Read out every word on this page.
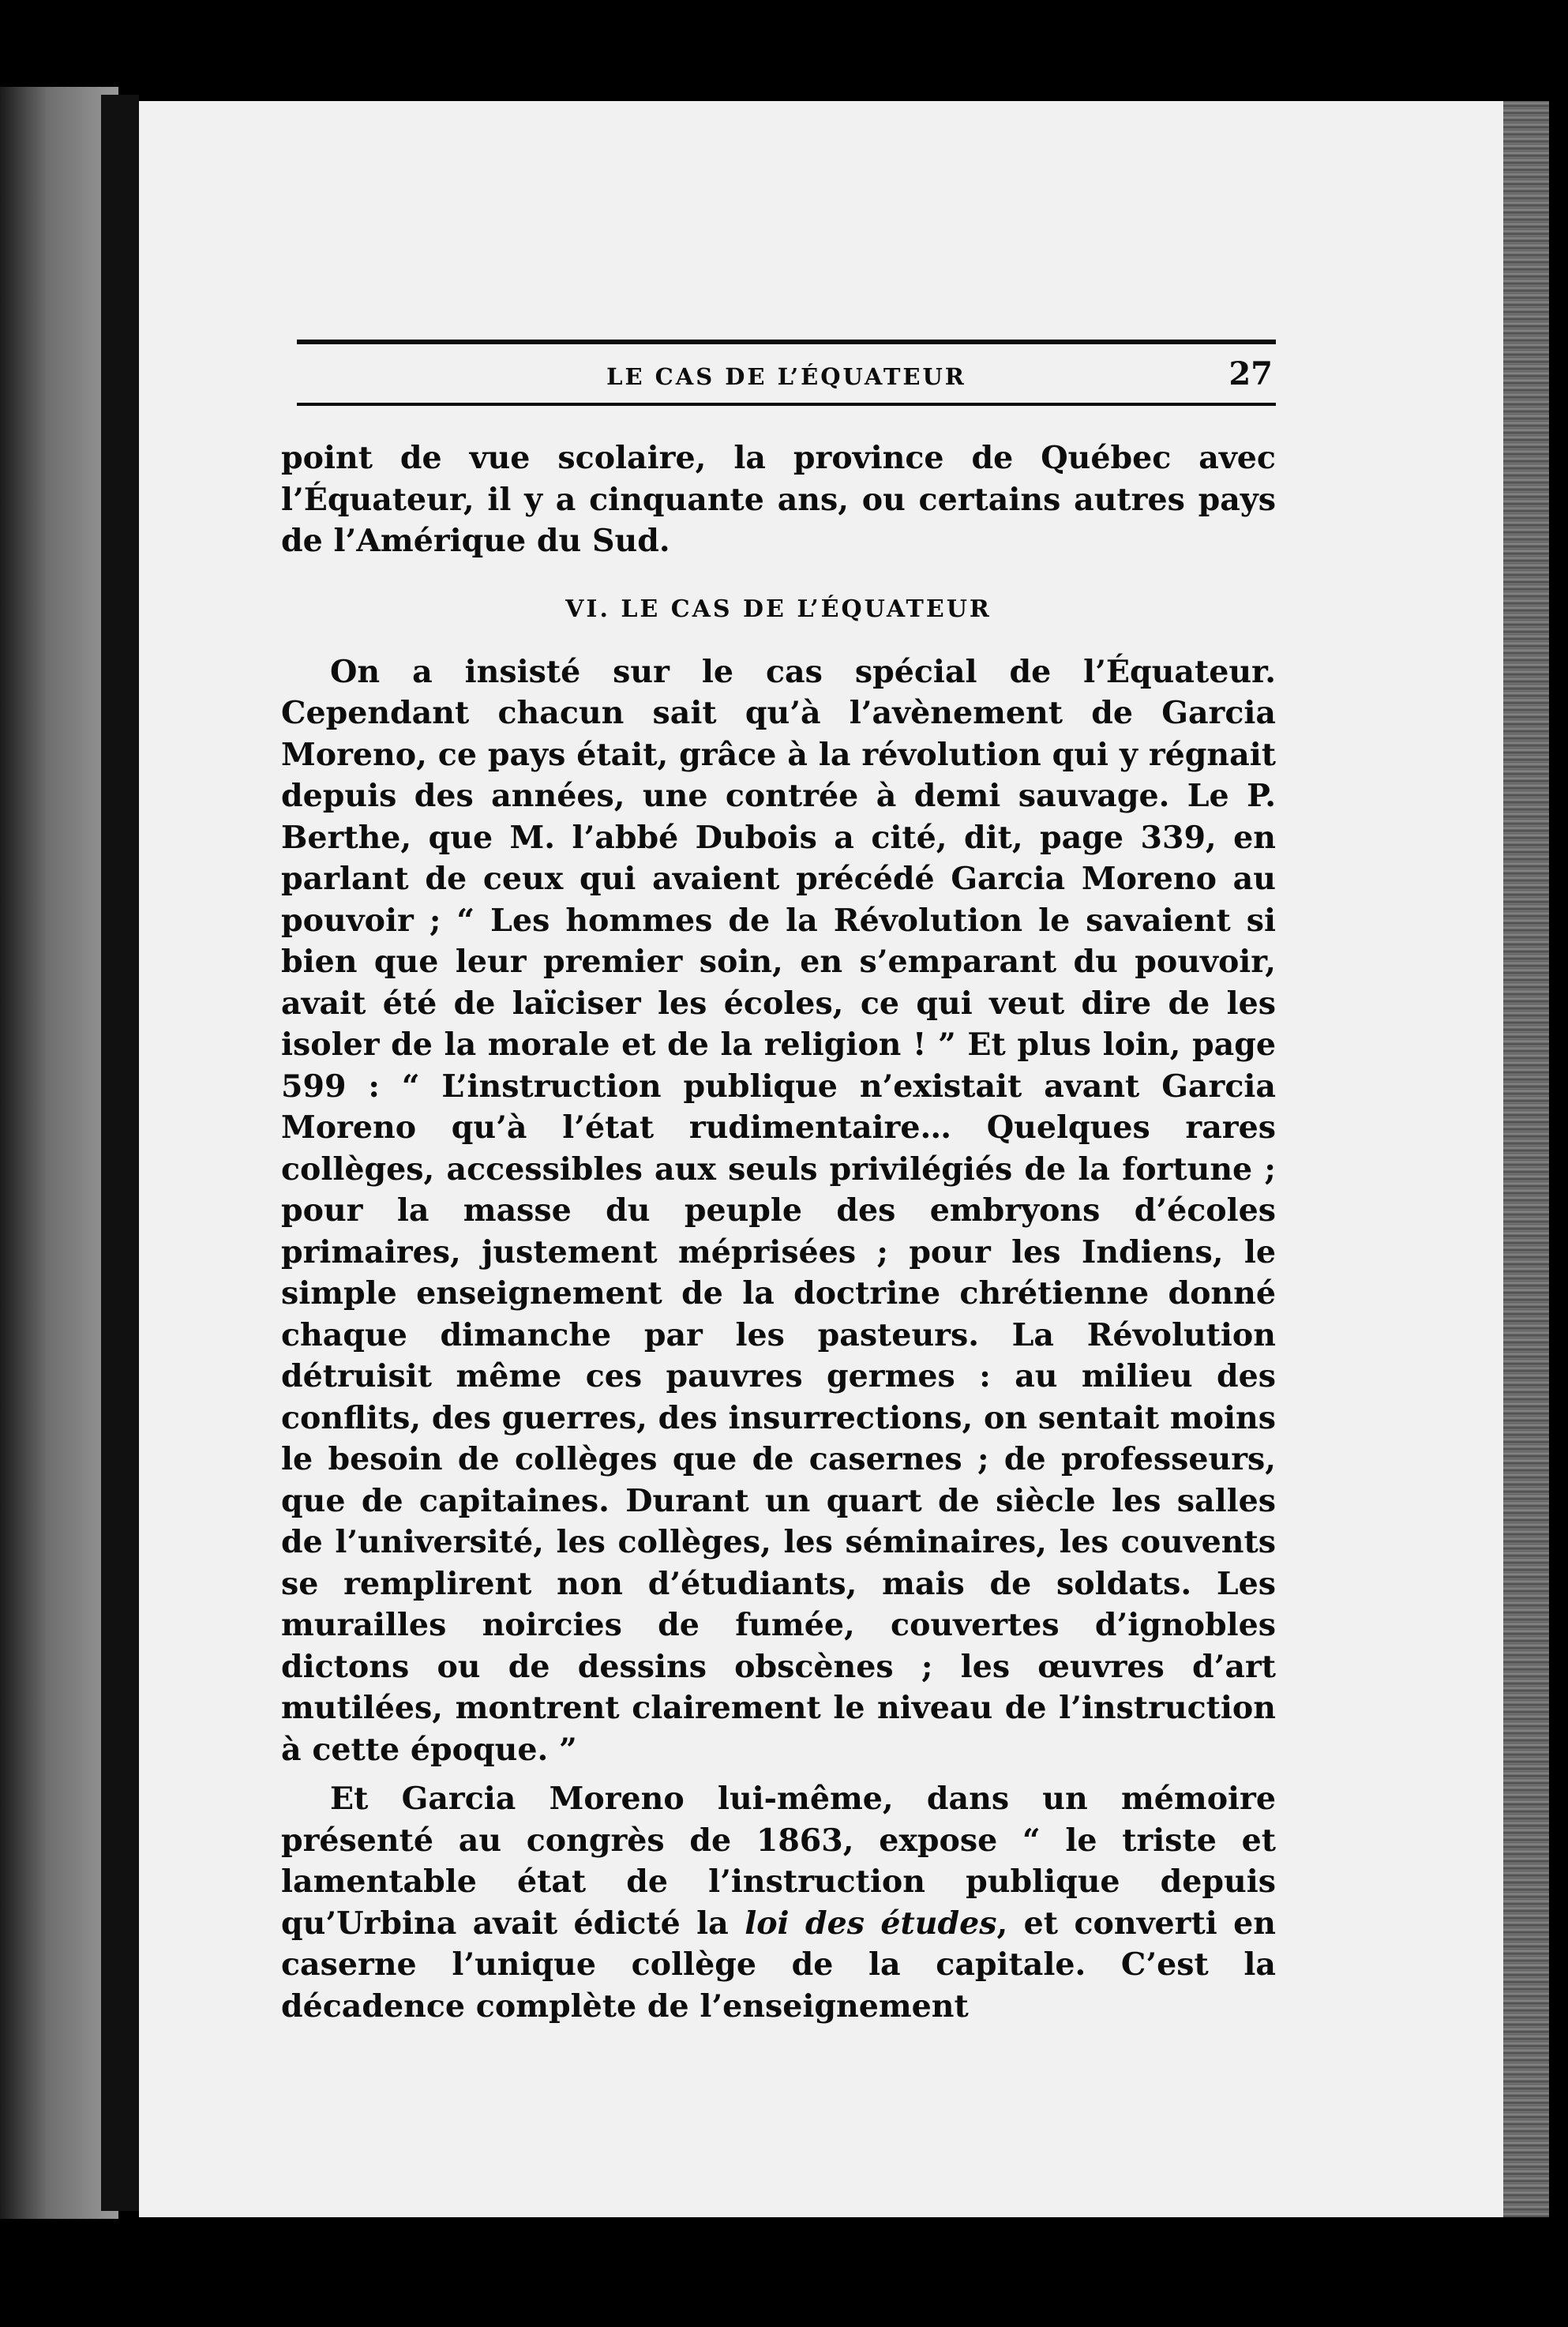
LE CAS DE L’ÉQUATEUR	27

point de vue scolaire, la province de Québec avec l’Équateur, il y a cinquante ans, ou certains autres pays de l’Amérique du Sud.

VI. LE CAS DE L’ÉQUATEUR

On a insisté sur le cas spécial de l’Équateur. Cependant chacun sait qu’à l’avènement de Garcia Moreno, ce pays était, grâce à la révolution qui y régnait depuis des années, une contrée à demi sauvage. Le P. Berthe, que M. l’abbé Dubois a cité, dit, page 339, en parlant de ceux qui avaient précédé Garcia Moreno au pouvoir ; “ Les hommes de la Révolution le savaient si bien que leur premier soin, en s’emparant du pouvoir, avait été de laïciser les écoles, ce qui veut dire de les isoler de la morale et de la religion ! ” Et plus loin, page 599 : “ L’instruction publique n’existait avant Garcia Moreno qu’à l’état rudimentaire… Quelques rares collèges, accessibles aux seuls privilégiés de la fortune ; pour la masse du peuple des embryons d’écoles primaires, justement méprisées ; pour les Indiens, le simple enseignement de la doctrine chrétienne donné chaque dimanche par les pasteurs. La Révolution détruisit même ces pauvres germes : au milieu des conflits, des guerres, des insurrections, on sentait moins le besoin de collèges que de casernes ; de professeurs, que de capitaines. Durant un quart de siècle les salles de l’université, les collèges, les séminaires, les couvents se remplirent non d’étudiants, mais de soldats. Les murailles noircies de fumée, couvertes d’ignobles dictons ou de dessins obscènes ; les œuvres d’art mutilées, montrent clairement le niveau de l’instruction à cette époque. ”

Et Garcia Moreno lui-même, dans un mémoire présenté au congrès de 1863, expose “ le triste et lamentable état de l’instruction publique depuis qu’Urbina avait édicté la loi des études, et converti en caserne l’unique collège de la capitale. C’est la décadence complète de l’enseignement
